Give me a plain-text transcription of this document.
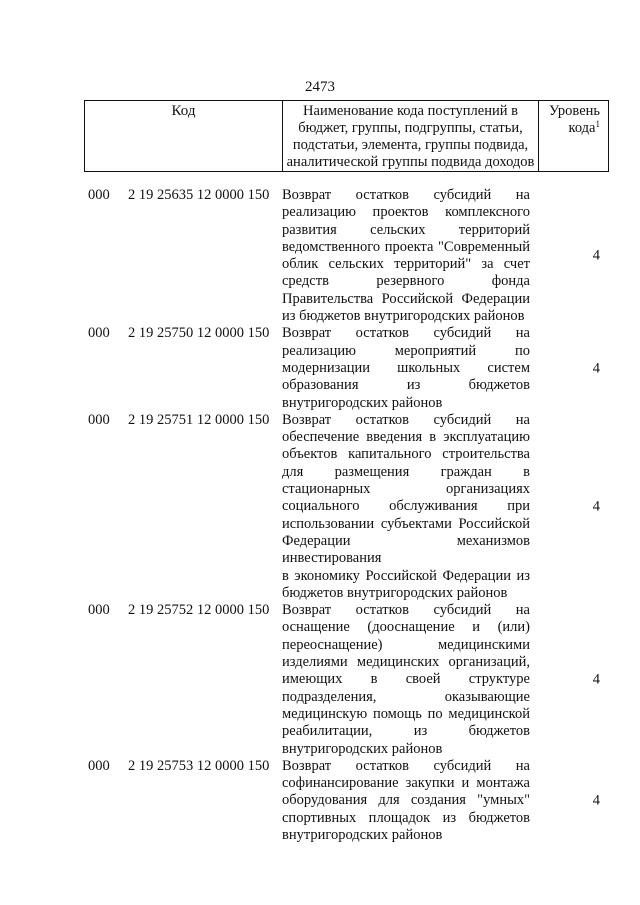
2473
Код	Наименование кода поступлений в
бюджет, группы, подгруппы, статьи,
подстатьи, элемента, группы подвида,
аналитической группы подвида доходов
Уровень
кода$^1$
000 2 19 25635 12 0000 150 Возврат остатков субсидий на
реализацию проектов комплексного
развития сельских территорий
ведомственного проекта "Современный
облик сельских территорий" за счет
средств резервного фонда
Правительства Российской Федерации
из бюджетов внутригородских районов
4
000 2 19 25750 12 0000 150 Возврат остатков субсидий на
реализацию мероприятий по
модернизации школьных систем
образования из бюджетов
внутригородских районов
4
000 2 19 25751 12 0000 150 Возврат остатков субсидий на
обеспечение введения в эксплуатацию
объектов капитального строительства
для размещения граждан в
стационарных организациях
социального обслуживания при
использовании субъектами Российской
Федерации механизмов инвестирования
в экономику Российской Федерации из
бюджетов внутригородских районов
4
000 2 19 25752 12 0000 150 Возврат остатков субсидий на
оснащение (дооснащение и (или)
переоснащение) медицинскими
изделиями медицинских организаций,
имеющих в своей структуре
подразделения, оказывающие
медицинскую помощь по медицинской
реабилитации, из бюджетов
внутригородских районов
4
000 2 19 25753 12 0000 150 Возврат остатков субсидий на
софинансирование закупки и монтажа
оборудования для создания "умных"
спортивных площадок из бюджетов
внутригородских районов
4
